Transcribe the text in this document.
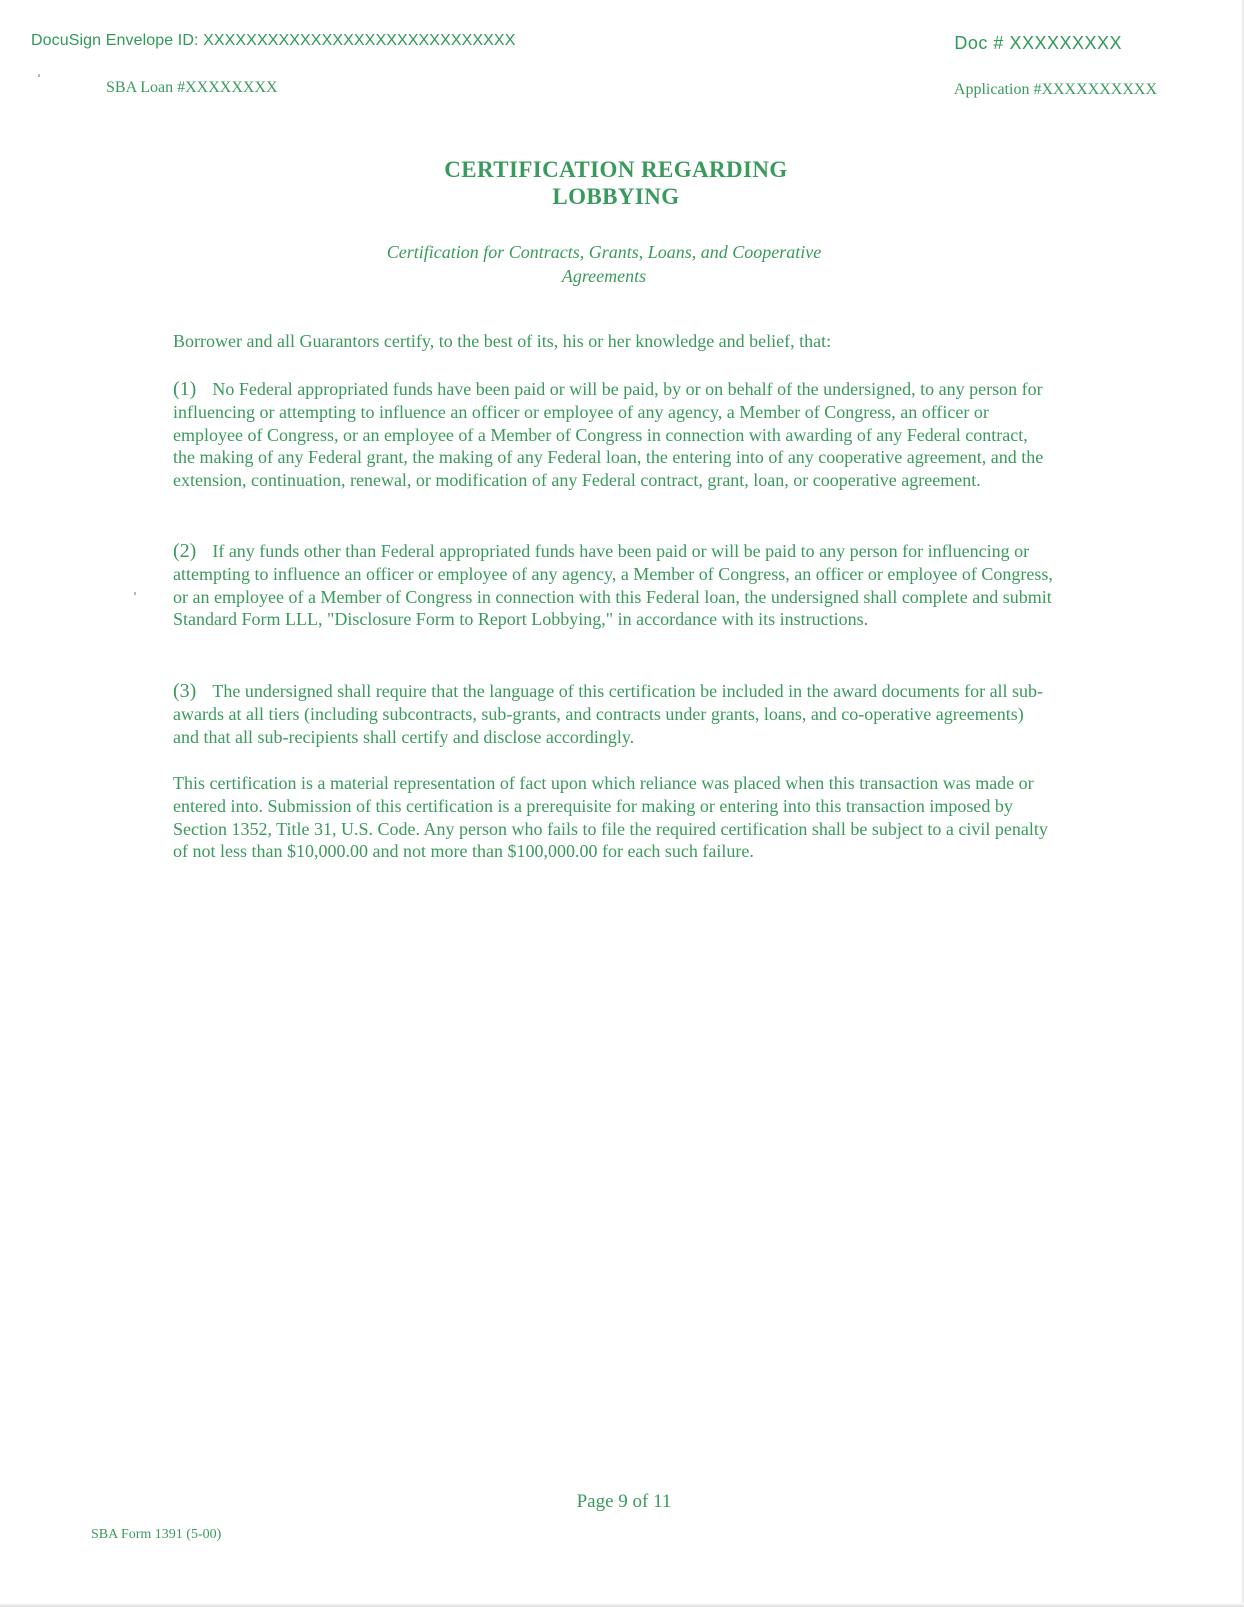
DocuSign Envelope ID: XXXXXXXXXXXXXXXXXXXXXXXXXXXXX	Doc # XXXXXXXXX
SBA Loan #XXXXXXXX	Application #XXXXXXXXXX
CERTIFICATION REGARDING
LOBBYING
Certification for Contracts, Grants, Loans, and Cooperative
Agreements
Borrower and all Guarantors certify, to the best of its, his or her knowledge and belief, that:
(1) No Federal appropriated funds have been paid or will be paid, by or on behalf of the undersigned, to any person for influencing or attempting to influence an officer or employee of any agency, a Member of Congress, an officer or employee of Congress, or an employee of a Member of Congress in connection with awarding of any Federal contract, the making of any Federal grant, the making of any Federal loan, the entering into of any cooperative agreement, and the extension, continuation, renewal, or modification of any Federal contract, grant, loan, or cooperative agreement.
(2) If any funds other than Federal appropriated funds have been paid or will be paid to any person for influencing or attempting to influence an officer or employee of any agency, a Member of Congress, an officer or employee of Congress, or an employee of a Member of Congress in connection with this Federal loan, the undersigned shall complete and submit Standard Form LLL, "Disclosure Form to Report Lobbying," in accordance with its instructions.
(3) The undersigned shall require that the language of this certification be included in the award documents for all sub-awards at all tiers (including subcontracts, sub-grants, and contracts under grants, loans, and co-operative agreements) and that all sub-recipients shall certify and disclose accordingly.
This certification is a material representation of fact upon which reliance was placed when this transaction was made or entered into. Submission of this certification is a prerequisite for making or entering into this transaction imposed by Section 1352, Title 31, U.S. Code. Any person who fails to file the required certification shall be subject to a civil penalty of not less than $10,000.00 and not more than $100,000.00 for each such failure.
Page 9 of 11
SBA Form 1391 (5-00)
